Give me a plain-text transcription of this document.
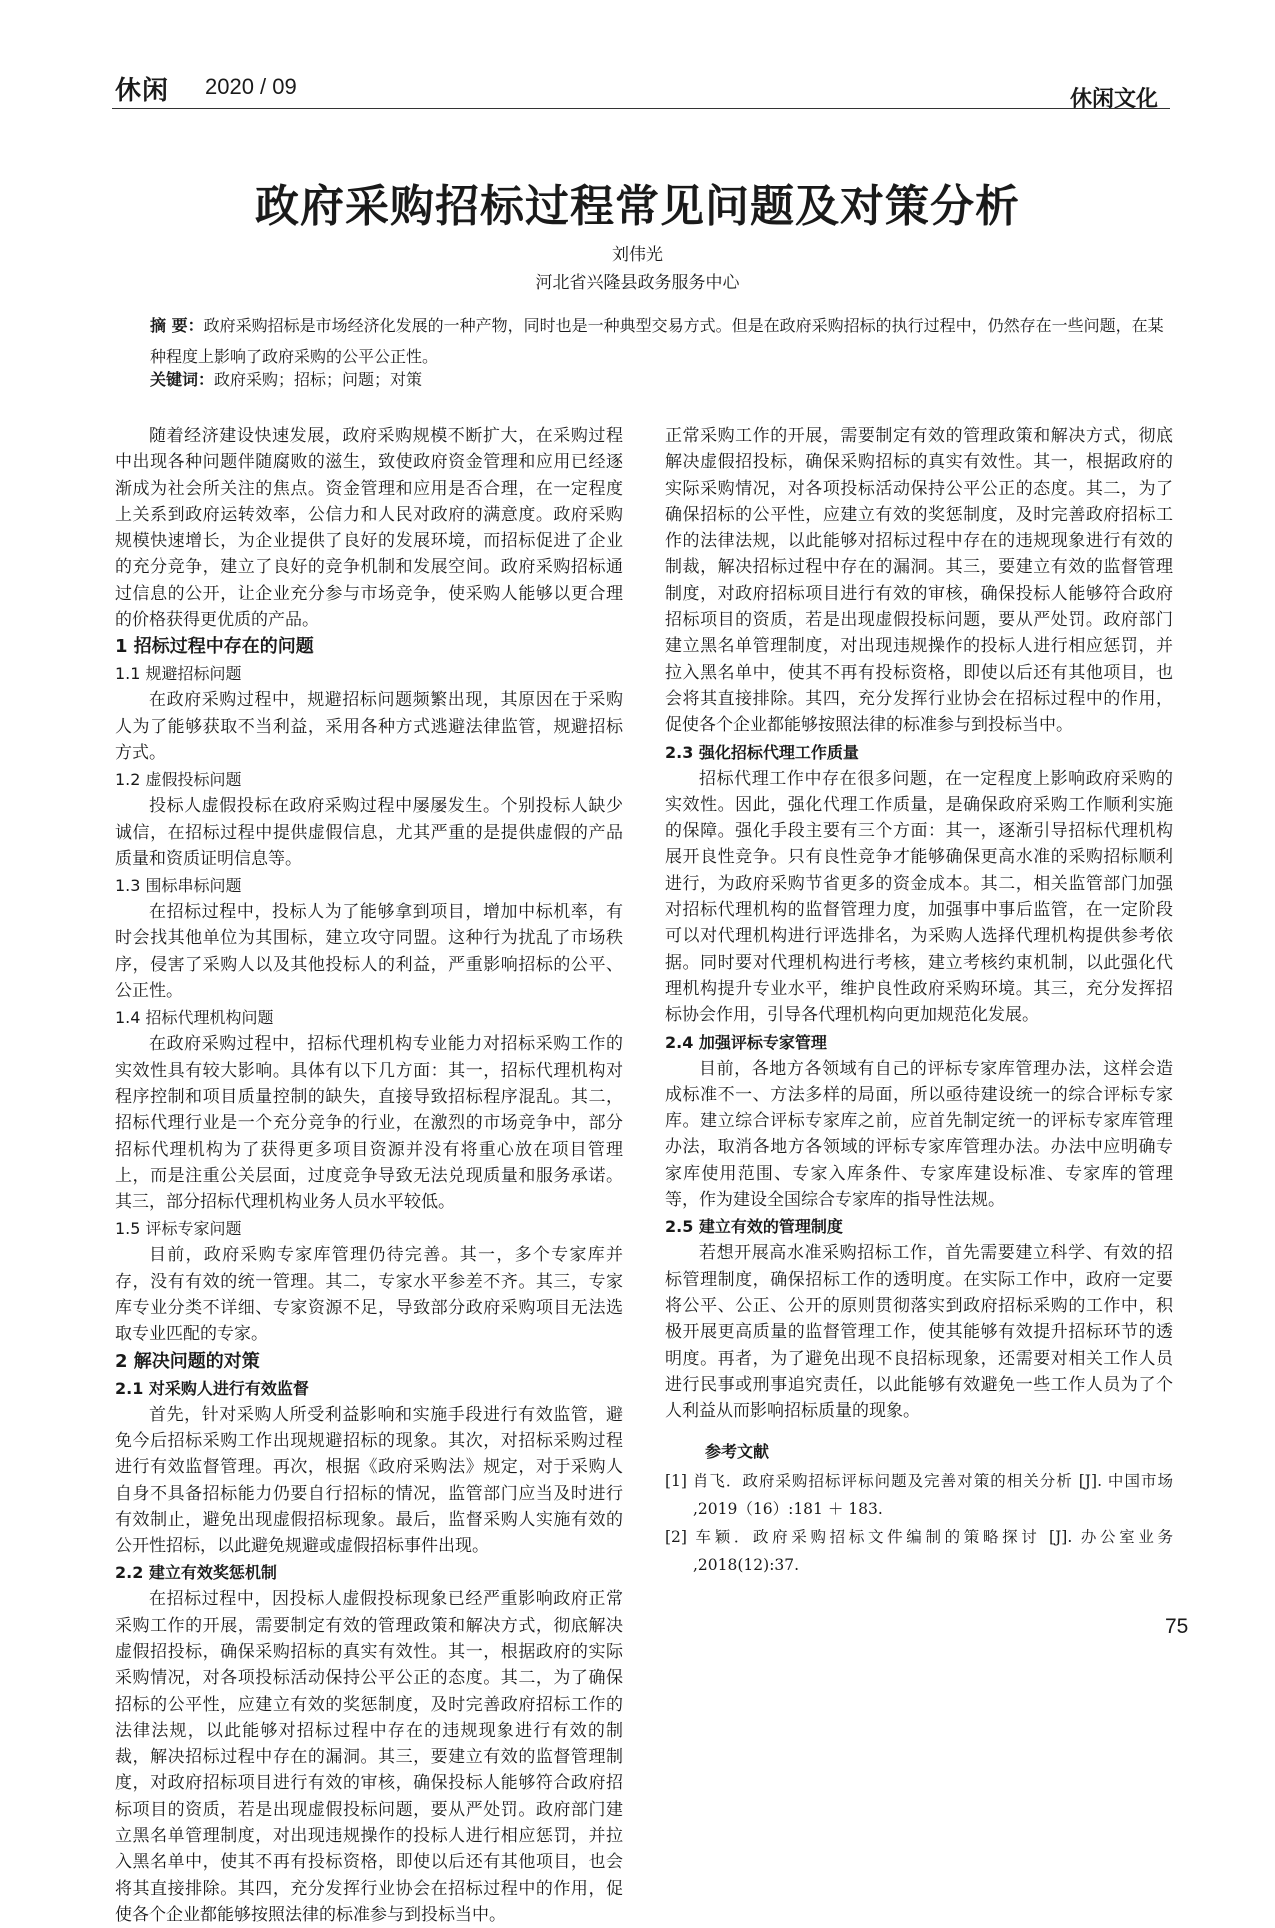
休闲 2020 / 09	休闲文化
政府采购招标过程常见问题及对策分析
刘伟光
河北省兴隆县政务服务中心
摘 要：政府采购招标是市场经济化发展的一种产物，同时也是一种典型交易方式。但是在政府采购招标的执行过程中，仍然存在一些问题，在某种程度上影响了政府采购的公平公正性。
关键词：政府采购；招标；问题；对策

随着经济建设快速发展，政府采购规模不断扩大，在采购过程中出现各种问题伴随腐败的滋生，致使政府资金管理和应用已经逐渐成为社会所关注的焦点。资金管理和应用是否合理，在一定程度上关系到政府运转效率，公信力和人民对政府的满意度。政府采购规模快速增长，为企业提供了良好的发展环境，而招标促进了企业的充分竞争，建立了良好的竞争机制和发展空间。政府采购招标通过信息的公开，让企业充分参与市场竞争，使采购人能够以更合理的价格获得更优质的产品。

1 招标过程中存在的问题

1.1 规避招标问题

在政府采购过程中，规避招标问题频繁出现，其原因在于采购人为了能够获取不当利益，采用各种方式逃避法律监管，规避招标方式。

1.2 虚假投标问题

投标人虚假投标在政府采购过程中屡屡发生。个别投标人缺少诚信，在招标过程中提供虚假信息，尤其严重的是提供虚假的产品质量和资质证明信息等。

1.3 围标串标问题

在招标过程中，投标人为了能够拿到项目，增加中标机率，有时会找其他单位为其围标，建立攻守同盟。这种行为扰乱了市场秩序，侵害了采购人以及其他投标人的利益，严重影响招标的公平、公正性。

1.4 招标代理机构问题

在政府采购过程中，招标代理机构专业能力对招标采购工作的实效性具有较大影响。具体有以下几方面：其一，招标代理机构对程序控制和项目质量控制的缺失，直接导致招标程序混乱。其二，招标代理行业是一个充分竞争的行业，在激烈的市场竞争中，部分招标代理机构为了获得更多项目资源并没有将重心放在项目管理上，而是注重公关层面，过度竞争导致无法兑现质量和服务承诺。其三，部分招标代理机构业务人员水平较低。

1.5 评标专家问题

目前，政府采购专家库管理仍待完善。其一，多个专家库并存，没有有效的统一管理。其二，专家水平参差不齐。其三，专家库专业分类不详细、专家资源不足，导致部分政府采购项目无法选取专业匹配的专家。

2 解决问题的对策

2.1 对采购人进行有效监督

首先，针对采购人所受利益影响和实施手段进行有效监管，避免今后招标采购工作出现规避招标的现象。其次，对招标采购过程进行有效监督管理。再次，根据《政府采购法》规定，对于采购人自身不具备招标能力仍要自行招标的情况，监管部门应当及时进行有效制止，避免出现虚假招标现象。最后，监督采购人实施有效的公开性招标，以此避免规避或虚假招标事件出现。

2.2 建立有效奖惩机制

在招标过程中，因投标人虚假投标现象已经严重影响政府正常采购工作的开展，需要制定有效的管理政策和解决方式，彻底解决虚假招投标，确保采购招标的真实有效性。其一，根据政府的实际采购情况，对各项投标活动保持公平公正的态度。其二，为了确保招标的公平性，应建立有效的奖惩制度，及时完善政府招标工作的法律法规，以此能够对招标过程中存在的违规现象进行有效的制裁，解决招标过程中存在的漏洞。其三，要建立有效的监督管理制度，对政府招标项目进行有效的审核，确保投标人能够符合政府招标项目的资质，若是出现虚假投标问题，要从严处罚。政府部门建立黑名单管理制度，对出现违规操作的投标人进行相应惩罚，并拉入黑名单中，使其不再有投标资格，即使以后还有其他项目，也会将其直接排除。其四，充分发挥行业协会在招标过程中的作用，促使各个企业都能够按照法律的标准参与到投标当中。

正常采购工作的开展，需要制定有效的管理政策和解决方式，彻底解决虚假招投标，确保采购招标的真实有效性。其一，根据政府的实际采购情况，对各项投标活动保持公平公正的态度。其二，为了确保招标的公平性，应建立有效的奖惩制度，及时完善政府招标工作的法律法规，以此能够对招标过程中存在的违规现象进行有效的制裁，解决招标过程中存在的漏洞。其三，要建立有效的监督管理制度，对政府招标项目进行有效的审核，确保投标人能够符合政府招标项目的资质，若是出现虚假投标问题，要从严处罚。政府部门建立黑名单管理制度，对出现违规操作的投标人进行相应惩罚，并拉入黑名单中，使其不再有投标资格，即使以后还有其他项目，也会将其直接排除。其四，充分发挥行业协会在招标过程中的作用，促使各个企业都能够按照法律的标准参与到投标当中。

2.3 强化招标代理工作质量

招标代理工作中存在很多问题，在一定程度上影响政府采购的实效性。因此，强化代理工作质量，是确保政府采购工作顺利实施的保障。强化手段主要有三个方面：其一，逐渐引导招标代理机构展开良性竞争。只有良性竞争才能够确保更高水准的采购招标顺利进行，为政府采购节省更多的资金成本。其二，相关监管部门加强对招标代理机构的监督管理力度，加强事中事后监管，在一定阶段可以对代理机构进行评选排名，为采购人选择代理机构提供参考依据。同时要对代理机构进行考核，建立考核约束机制，以此强化代理机构提升专业水平，维护良性政府采购环境。其三，充分发挥招标协会作用，引导各代理机构向更加规范化发展。

2.4 加强评标专家管理

目前，各地方各领域有自己的评标专家库管理办法，这样会造成标准不一、方法多样的局面，所以亟待建设统一的综合评标专家库。建立综合评标专家库之前，应首先制定统一的评标专家库管理办法，取消各地方各领域的评标专家库管理办法。办法中应明确专家库使用范围、专家入库条件、专家库建设标准、专家库的管理等，作为建设全国综合专家库的指导性法规。

2.5 建立有效的管理制度

若想开展高水准采购招标工作，首先需要建立科学、有效的招标管理制度，确保招标工作的透明度。在实际工作中，政府一定要将公平、公正、公开的原则贯彻落实到政府招标采购的工作中，积极开展更高质量的监督管理工作，使其能够有效提升招标环节的透明度。再者，为了避免出现不良招标现象，还需要对相关工作人员进行民事或刑事追究责任，以此能够有效避免一些工作人员为了个人利益从而影响招标质量的现象。

参考文献

[1] 肖飞．政府采购招标评标问题及完善对策的相关分析 [J]. 中国市场 ,2019（16）:181 ＋ 183.

[2] 车颖．政府采购招标文件编制的策略探讨 [J]. 办公室业务 ,2018(12):37.

75
